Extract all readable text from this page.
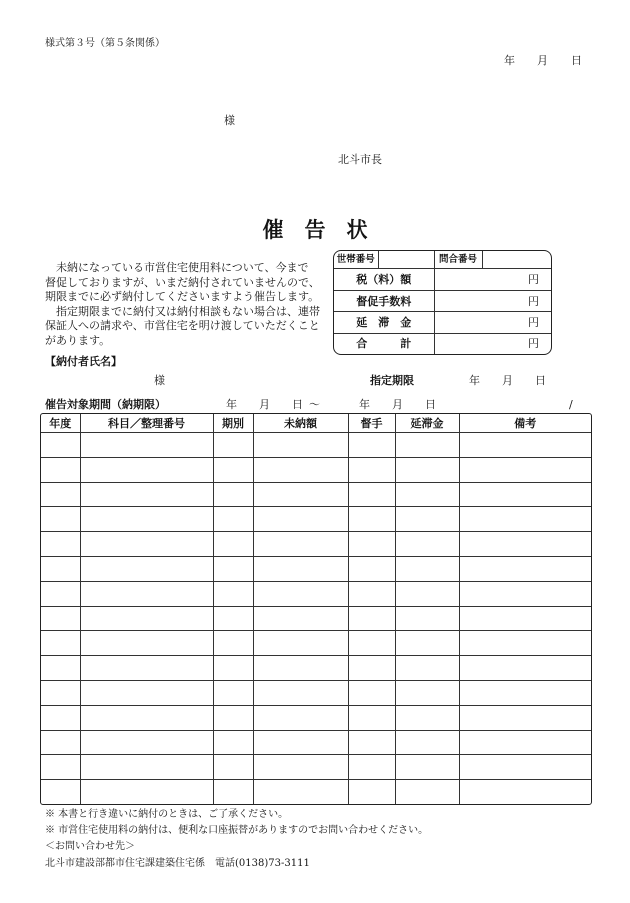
様式第３号（第５条関係）
年 月 日
様
北斗市長
催　告　状
　未納になっている市営住宅使用料について、今まで
督促しておりますが、いまだ納付されていませんので、
期限までに必ず納付してくださいますよう催告します。
　指定期限までに納付又は納付相談もない場合は、連帯
保証人への請求や、市営住宅を明け渡していただくこと
があります。
世帯番号		問合番号	
税（料）額		円	
督促手数料		円	
延　滞　金		円	
合　　　計		円	
【納付者氏名】
様	指定期限	年 月 日
催告対象期間（納期限）	年 月 日 ～	年 月 日	/
年度	科目／整理番号	期別	未納額	督手	延滞金	備考

※ 本書と行き違いに納付のときは、ご了承ください。
※ 市営住宅使用料の納付は、便利な口座振替がありますのでお問い合わせください。
＜お問い合わせ先＞
北斗市建設部都市住宅課建築住宅係　 電話(0138)73-3111
